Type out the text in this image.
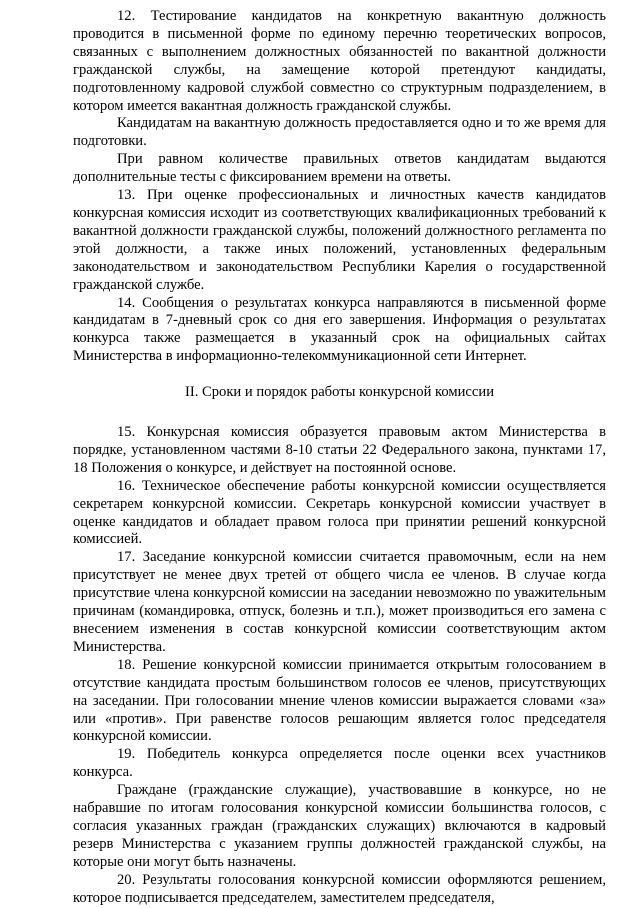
12. Тестирование кандидатов на конкретную вакантную должность проводится в письменной форме по единому перечню теоретических вопросов, связанных с выполнением должностных обязанностей по вакантной должности гражданской службы, на замещение которой претендуют кандидаты, подготовленному кадровой службой совместно со структурным подразделением, в котором имеется вакантная должность гражданской службы.

Кандидатам на вакантную должность предоставляется одно и то же время для подготовки.

При равном количестве правильных ответов кандидатам выдаются дополнительные тесты с фиксированием времени на ответы.

13. При оценке профессиональных и личностных качеств кандидатов конкурсная комиссия исходит из соответствующих квалификационных требований к вакантной должности гражданской службы, положений должностного регламента по этой должности, а также иных положений, установленных федеральным законодательством и законодательством Республики Карелия о государственной гражданской службе.

14. Сообщения о результатах конкурса направляются в письменной форме кандидатам в 7-дневный срок со дня его завершения. Информация о результатах конкурса также размещается в указанный срок на официальных сайтах Министерства в информационно-телекоммуникационной сети Интернет.

II. Сроки и порядок работы конкурсной комиссии

15. Конкурсная комиссия образуется правовым актом Министерства в порядке, установленном частями 8-10 статьи 22 Федерального закона, пунктами 17, 18 Положения о конкурсе, и действует на постоянной основе.

16. Техническое обеспечение работы конкурсной комиссии осуществляется секретарем конкурсной комиссии. Секретарь конкурсной комиссии участвует в оценке кандидатов и обладает правом голоса при принятии решений конкурсной комиссией.

17. Заседание конкурсной комиссии считается правомочным, если на нем присутствует не менее двух третей от общего числа ее членов. В случае когда присутствие члена конкурсной комиссии на заседании невозможно по уважительным причинам (командировка, отпуск, болезнь и т.п.), может производиться его замена с внесением изменения в состав конкурсной комиссии соответствующим актом Министерства.

18. Решение конкурсной комиссии принимается открытым голосованием в отсутствие кандидата простым большинством голосов ее членов, присутствующих на заседании. При голосовании мнение членов комиссии выражается словами «за» или «против». При равенстве голосов решающим является голос председателя конкурсной комиссии.

19. Победитель конкурса определяется после оценки всех участников конкурса.

Граждане (гражданские служащие), участвовавшие в конкурсе, но не набравшие по итогам голосования конкурсной комиссии большинства голосов, с согласия указанных граждан (гражданских служащих) включаются в кадровый резерв Министерства с указанием группы должностей гражданской службы, на которые они могут быть назначены.

20. Результаты голосования конкурсной комиссии оформляются решением, которое подписывается председателем, заместителем председателя,
